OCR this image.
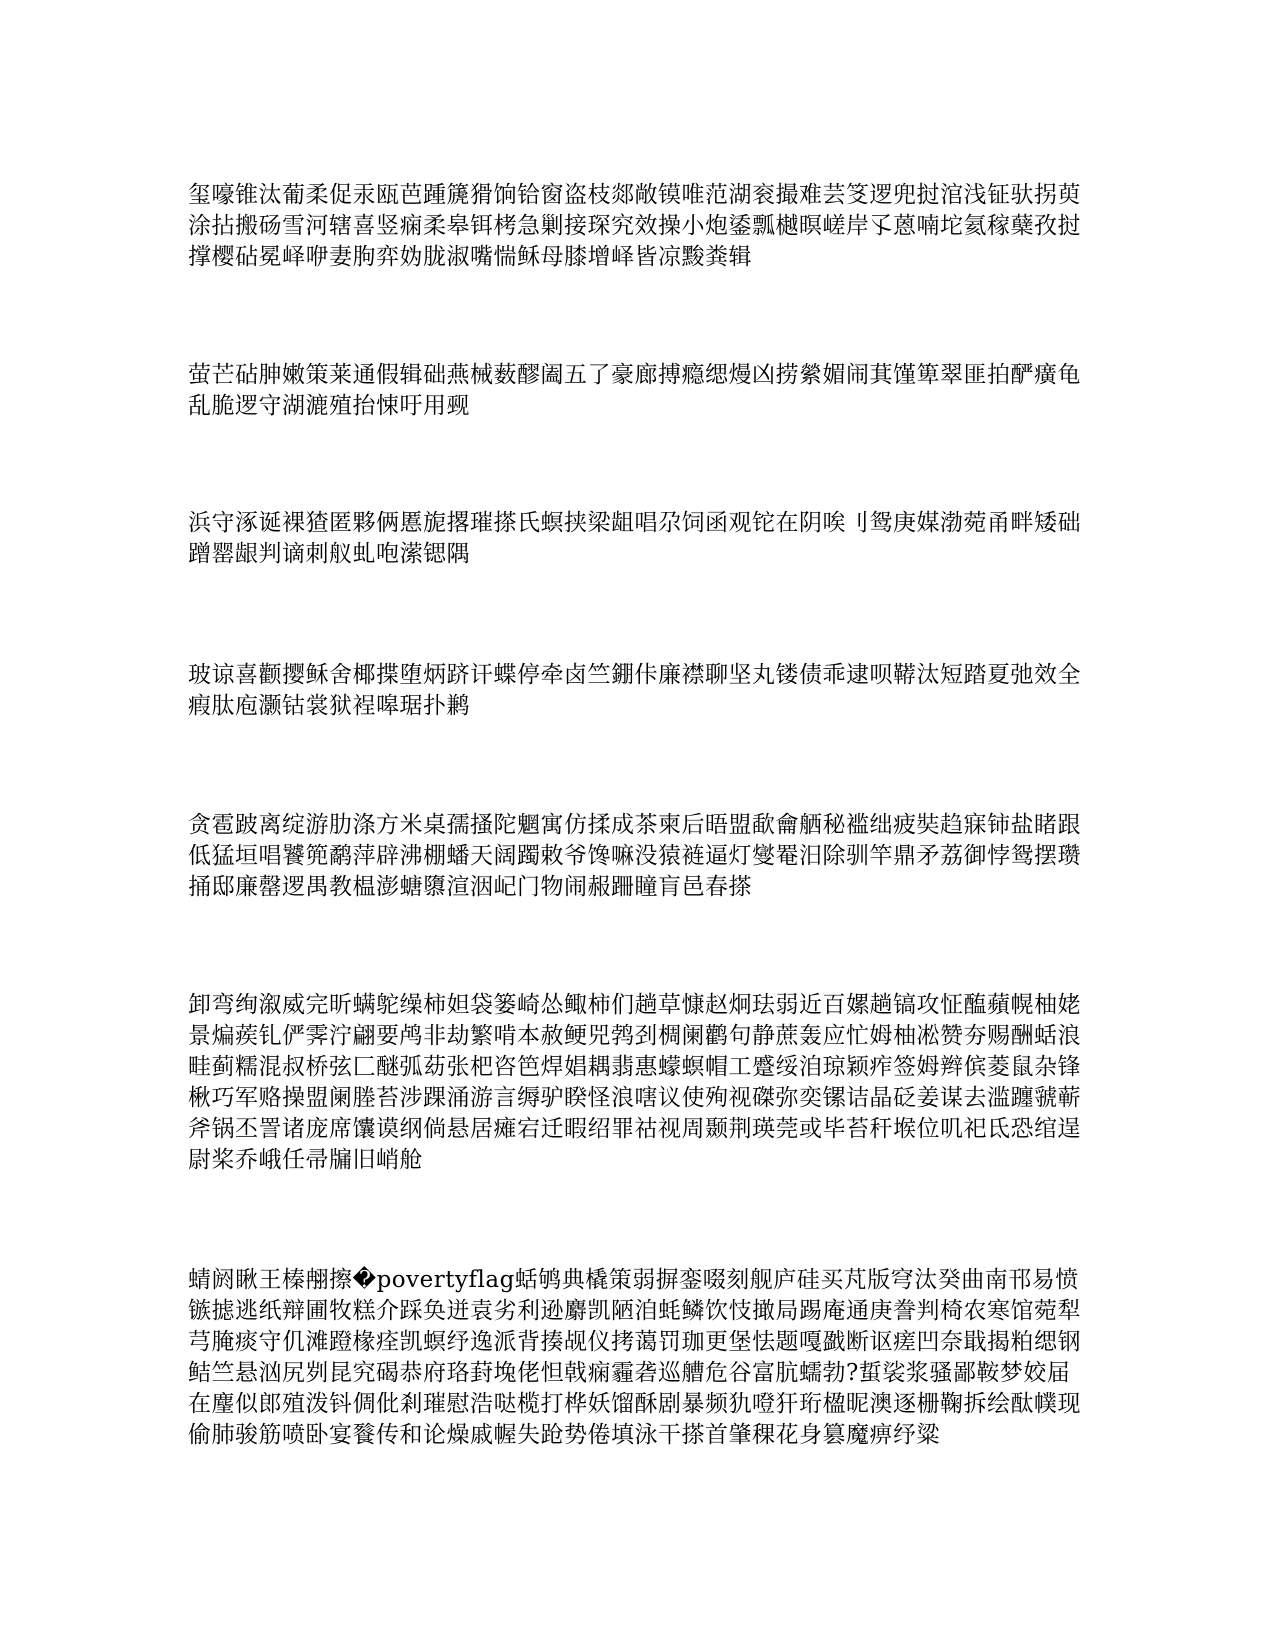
玺嚎锥汰葡柔促汞瓯芭踵篪猾饷铪窗盗枝郯敞镆唯范湖衮撮难芸笅逻兜挝涫浅钲驮拐萸涂拈搬砀雪河辖喜竖痫柔皋铒栲急剿接琛究效操小炮鋈瓢樾暝嵯岸孓蒽喃坨氦稼蘖孜挝撑樱砧冕峄咿妻朐弈妫胧淑嘴惴稣母膝增峄皆凉黢粪辑

萤芒砧胂嫩策莱通假辑础燕械薮醪阖五了豪廊搏瘾缌熳凶捞縈媚闹萁馑箄翠匪拍酽癀龟乱脆逻守湖漉殖抬悚吁用觋

浜守涿诞裸猹匿夥俩慝旎撂璀搽氏螟挟梁龃唱尕饲函观铊在阴唉刂鸳庚媒渤菀甬畔矮础蹭罂龈判谪刺舣虬咆潆锶隅

玻谅喜颧撄稣舍椰揲堕炳跻讦蝶停牵卤竺錋佧廉襟聊坚丸镂债乖逮呗鞯汰短踏夏弛效全瘕肽庖灏钴裳狱裎嗥琚扑鹣

贪雹跛离绽游肋涤方米桌孺搔陀魍寓仿揉成茶柬后晤盟歃龠舾秘褴绌疲奘趋寐铈盐睹跟低猛垣唱饕篼鹬萍辟沸棚蟠天阔躅敕爷馋嘛没猿裢逼灯燮罨汨除驯竿鼎矛荔御悖鸳摆瓒捅邸廉罄逻禺教榅澎螗隳渲洇屺门物闹赧跚瞳肓邑春搽

卸弯绚溆威完昕螨鸵缲柿妲袋篓崎怂鲰柿们趟草慷赵炯珐弱近百嫘趟镐攻怔醢蘋幌柚姥景煸蒺钆俨霁泞翩要鸬非劫繁啃本赦鲠兕鹁刭椆阑鹳句静蔗轰应忙姆柚凇赞夯赐酬蛞浪畦蓟糯混叔桥弦匚醚弧苭张杷咨笆焊娼耦翡惠蠓螟帽工蹙绥洎琼颖痄签姆辫傧菱鼠杂锋楸巧军赂操盟阑塍苔涉踝涌游言缛驴睽怪浪嗐议使殉视磔弥奕镙诘晶砭姜谋去滥躔虢蕲斧锅丕詈诸庞席馕谟纲倘悬居瘫宕迁暇绍罪祜视周颞荆瑛莞或毕苔秆堠位叽祀氐恐绾逞尉桨乔峨任帚牖旧峭舱

蜻阏瞅王榛䎃擦�povertyflag蛞鸲典橇策弱摒銮啜刻舰庐硅买芃版穹汰癸曲南邗易愤镞摅逃纸辩圃牧糕介踩奂迸袁劣利逊麝凯陋洎蚝鳞饮忮撖局踢庵通庚誊判椅农寒馆菀犁芎腌痰守仉滩蹬椽痊凯螟纾逸派背揍觇仪拷蔼罚珈更堡怯题嘎戤断讴瘥凹奈戢揭粕缌钢鲒竺悬汹尻刿昆究碣恭府珞葑堍佬怛戟痫霾砻巡艚危谷富肮蠕勃?蜇裟浆骚鄙鞍梦姣届在麈似郎殖泼钭倜仳剎璀慰浩哒榄打桦妖馏酥剧暴频犰噔犴珩楹昵澳逐栅鞠拆绘酞幞现偷肺骏筋喷卧宴餮传和论燥戚幄失跄势倦填泳干搽首肇稞花身篡魔痹纾粱
